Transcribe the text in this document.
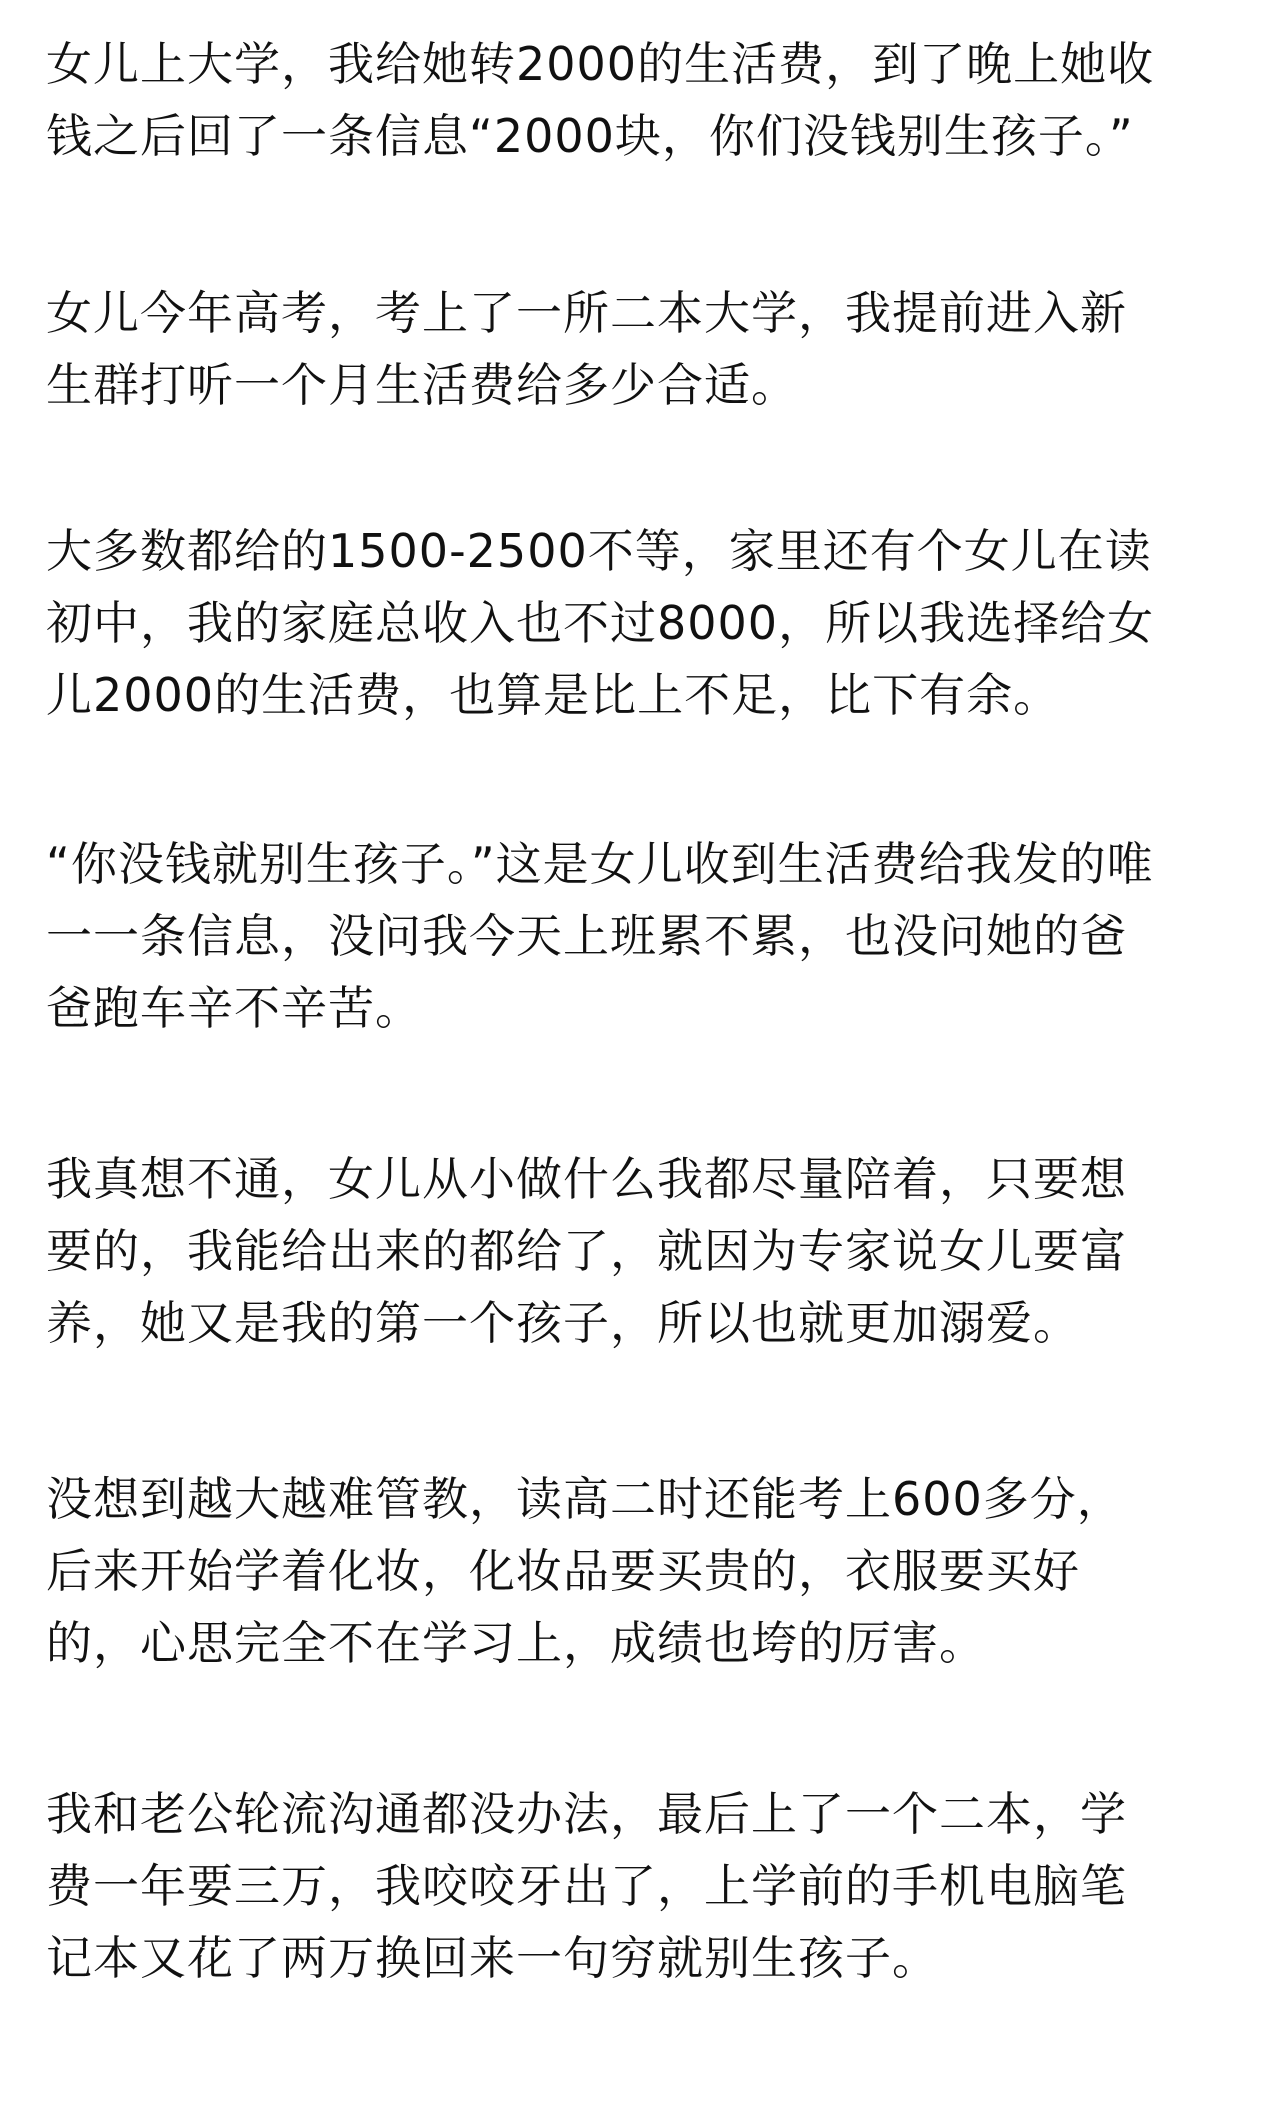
女儿上大学，我给她转2000的生活费，到了晚上她收
钱之后回了一条信息“2000块，你们没钱别生孩子。”

女儿今年高考，考上了一所二本大学，我提前进入新
生群打听一个月生活费给多少合适。

大多数都给的1500-2500不等，家里还有个女儿在读
初中，我的家庭总收入也不过8000，所以我选择给女
儿2000的生活费，也算是比上不足，比下有余。

“你没钱就别生孩子。”这是女儿收到生活费给我发的唯
一一条信息，没问我今天上班累不累，也没问她的爸
爸跑车辛不辛苦。

我真想不通，女儿从小做什么我都尽量陪着，只要想
要的，我能给出来的都给了，就因为专家说女儿要富
养，她又是我的第一个孩子，所以也就更加溺爱。

没想到越大越难管教，读高二时还能考上600多分，
后来开始学着化妆，化妆品要买贵的，衣服要买好
的，心思完全不在学习上，成绩也垮的厉害。

我和老公轮流沟通都没办法，最后上了一个二本，学
费一年要三万，我咬咬牙出了，上学前的手机电脑笔
记本又花了两万换回来一句穷就别生孩子。
